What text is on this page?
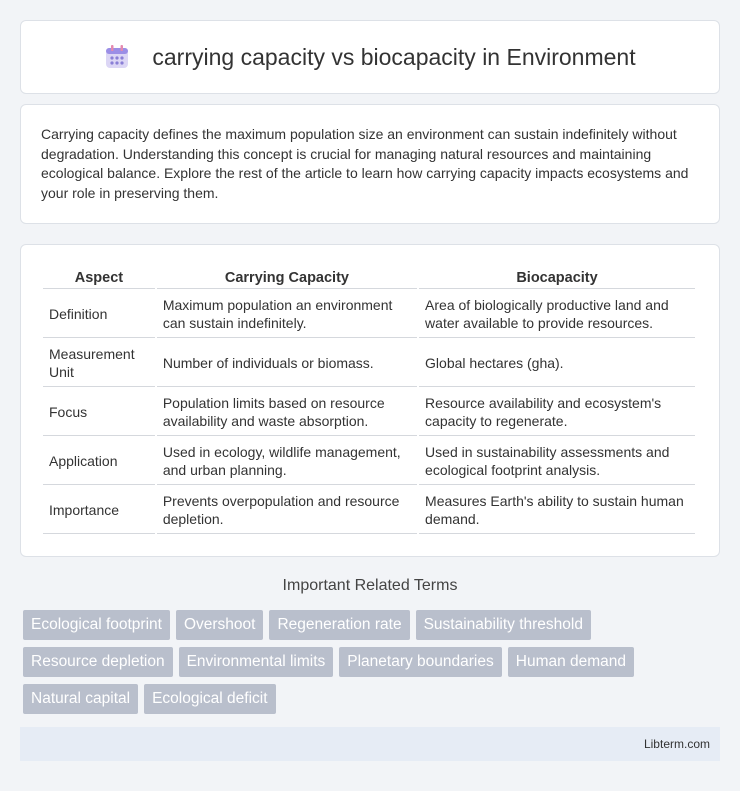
carrying capacity vs biocapacity in Environment

Carrying capacity defines the maximum population size an environment can sustain indefinitely without degradation. Understanding this concept is crucial for managing natural resources and maintaining ecological balance. Explore the rest of the article to learn how carrying capacity impacts ecosystems and your role in preserving them.

Aspect	Carrying Capacity	Biocapacity
Definition	Maximum population an environment can sustain indefinitely.	Area of biologically productive land and water available to provide resources.
Measurement Unit	Number of individuals or biomass.	Global hectares (gha).
Focus	Population limits based on resource availability and waste absorption.	Resource availability and ecosystem's capacity to regenerate.
Application	Used in ecology, wildlife management, and urban planning.	Used in sustainability assessments and ecological footprint analysis.
Importance	Prevents overpopulation and resource depletion.	Measures Earth's ability to sustain human demand.
Important Related Terms
Ecological footprint	Overshoot	Regeneration rate	Sustainability threshold
Resource depletion	Environmental limits	Planetary boundaries	Human demand
Natural capital	Ecological deficit
Libterm.com
